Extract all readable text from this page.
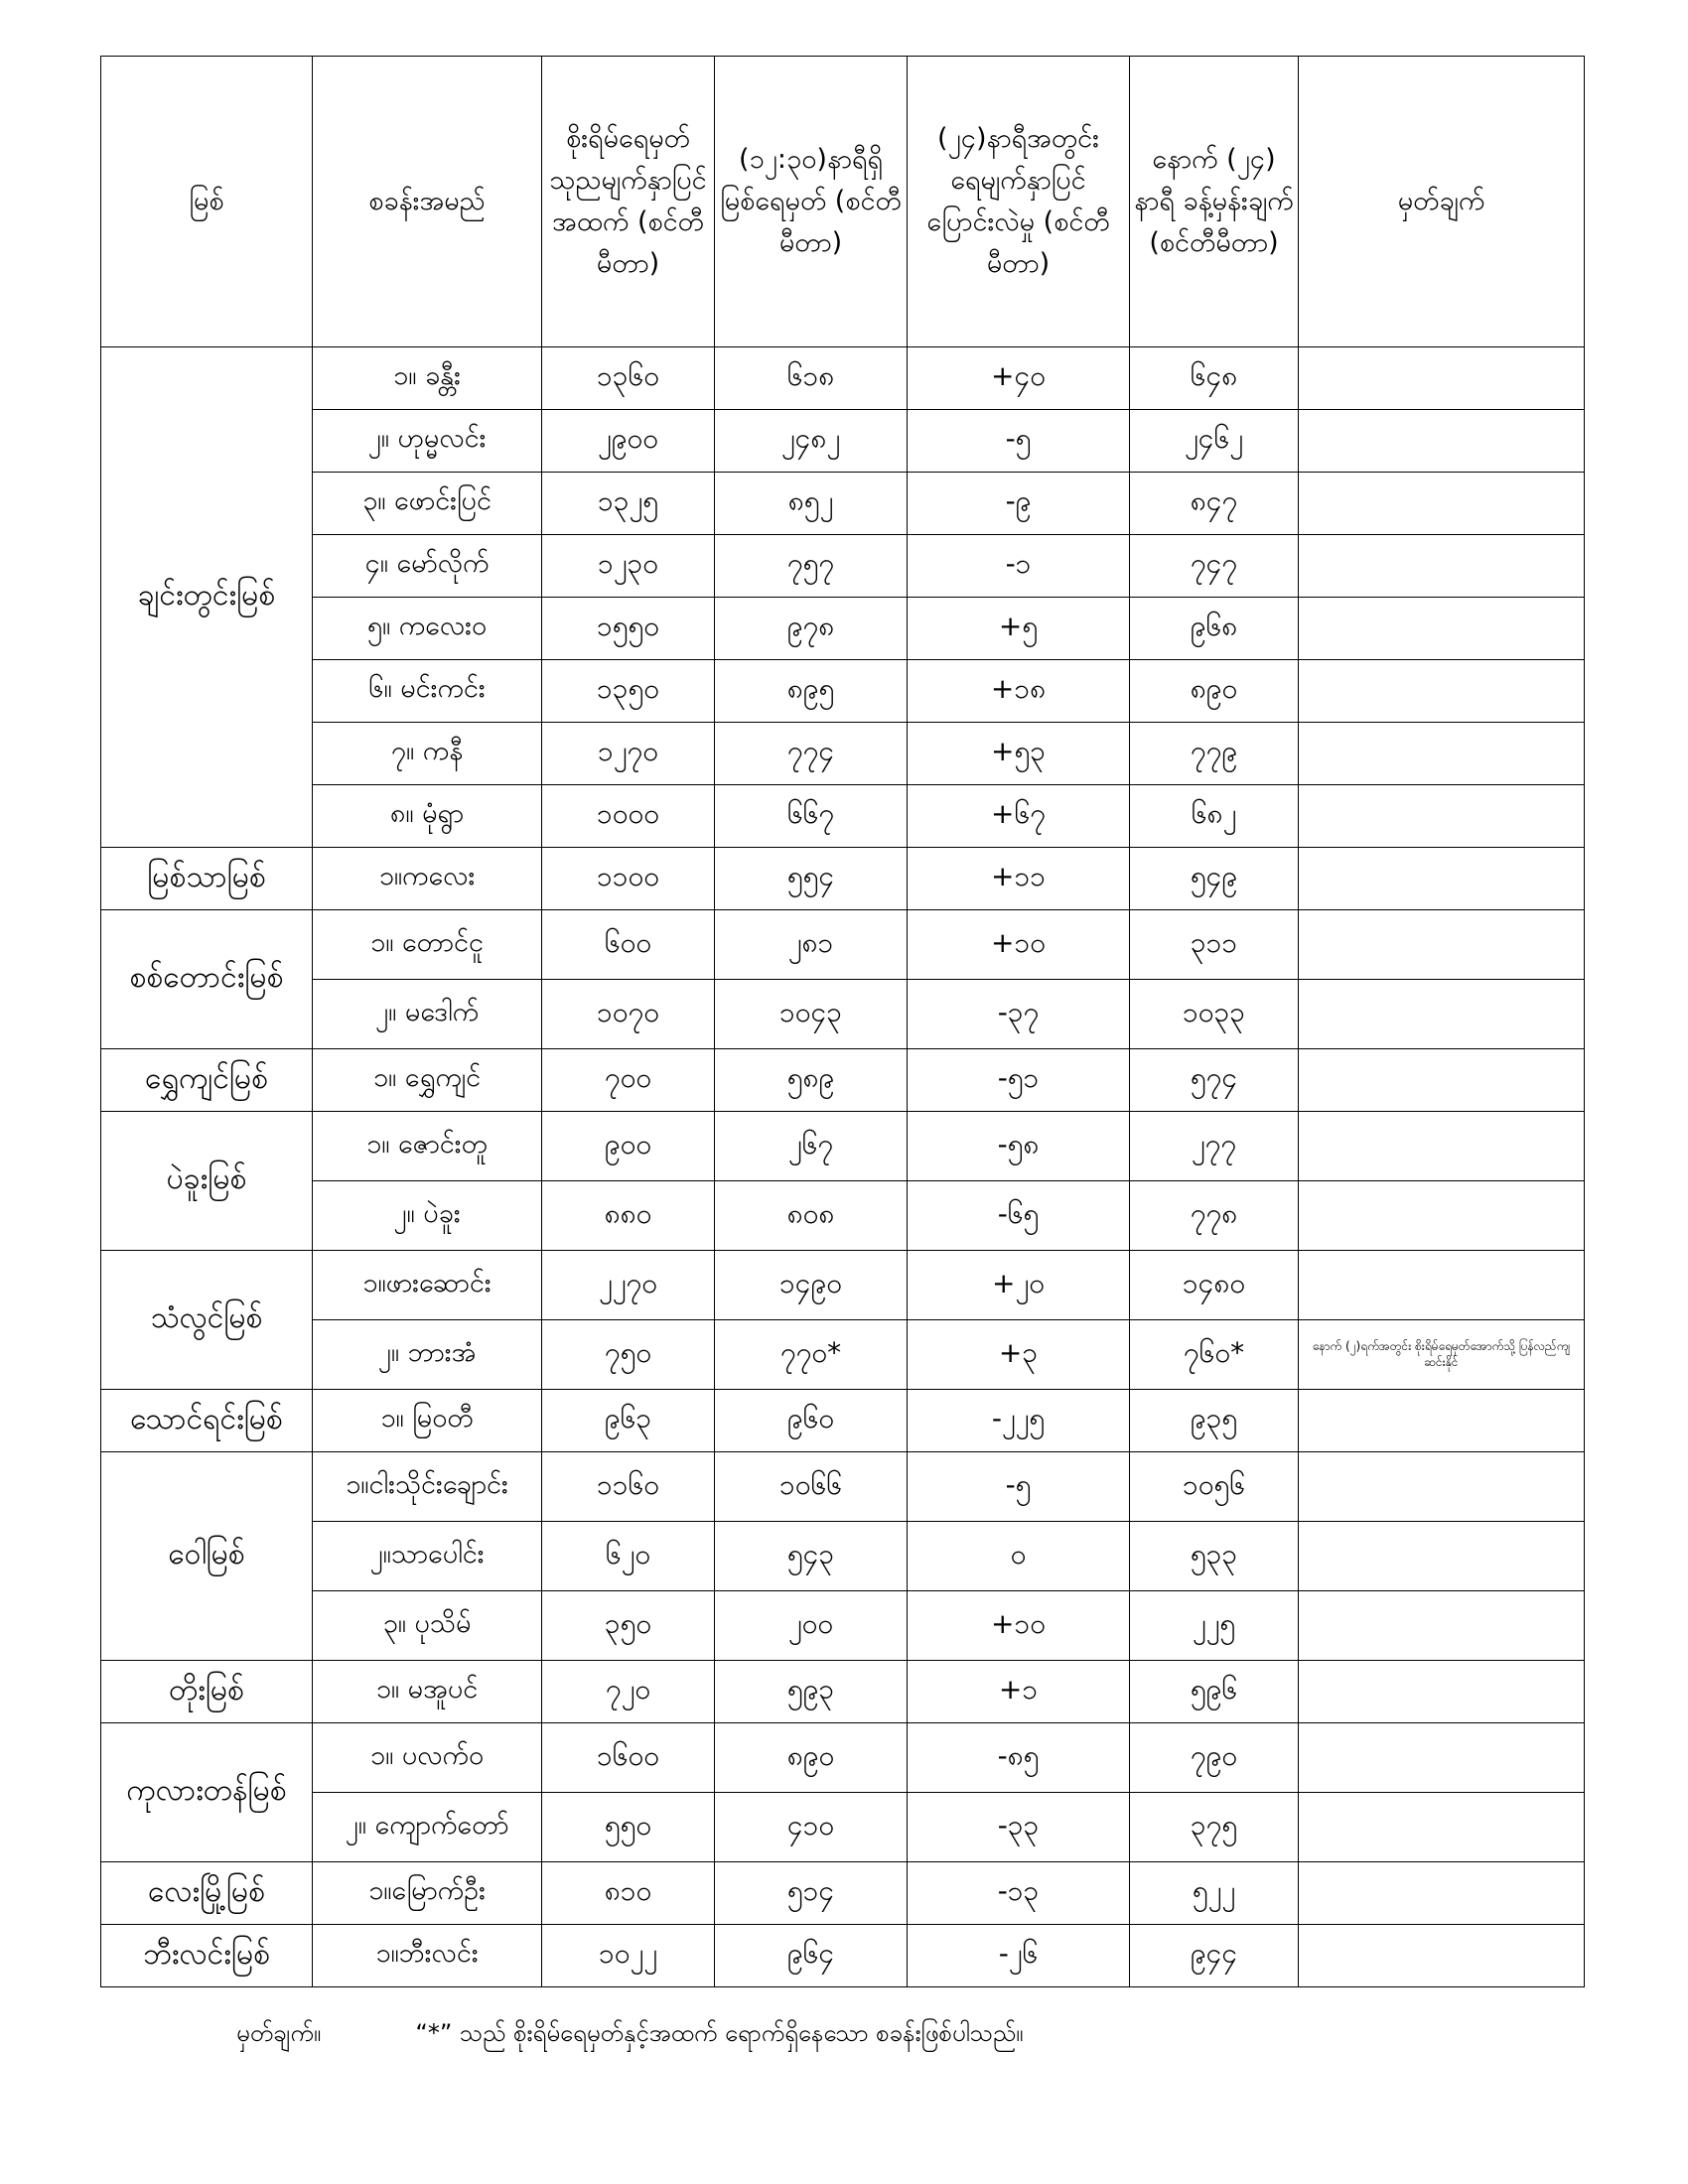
မြစ်	စခန်းအမည်	စိုးရိမ်ရေမှတ် သုညမျက်နှာပြင် အထက် (စင်တီမီတာ)	(၁၂:၃၀)နာရီရှိ မြစ်ရေမှတ် (စင်တီမီတာ)	(၂၄)နာရီအတွင်း ရေမျက်နှာပြင် ပြောင်းလဲမှု (စင်တီမီတာ)	နောက် (၂၄) နာရီ ခန့်မှန်းချက် (စင်တီမီတာ)	မှတ်ချက်
ချင်းတွင်းမြစ်	၁။ ခန္တီး	၁၃၆၀	၆၁၈	+၄၀	၆၄၈	
	၂။ ဟုမ္မလင်း	၂၉၀၀	၂၄၈၂	-၅	၂၄၆၂	
	၃။ ဖောင်းပြင်	၁၃၂၅	၈၅၂	-၉	၈၄၇	
	၄။ မော်လိုက်	၁၂၃၀	၇၅၇	-၁	၇၄၇	
	၅။ ကလေးဝ	၁၅၅၀	၉၇၈	+၅	၉၆၈	
	၆။ မင်းကင်း	၁၃၅၀	၈၉၅	+၁၈	၈၉၀	
	၇။ ကနီ	၁၂၇၀	၇၇၄	+၅၃	၇၇၉	
	၈။ မုံရွာ	၁၀၀၀	၆၆၇	+၆၇	၆၈၂	
မြစ်သာမြစ်	၁။ကလေး	၁၁၀၀	၅၅၄	+၁၁	၅၄၉	
စစ်တောင်းမြစ်	၁။ တောင်ငူ	၆၀၀	၂၈၁	+၁၀	၃၁၁	
	၂။ မဒေါက်	၁၀၇၀	၁၀၄၃	-၃၇	၁၀၃၃	
ရွှေကျင်မြစ်	၁။ ရွှေကျင်	၇၀၀	၅၈၉	-၅၁	၅၇၄	
ပဲခူးမြစ်	၁။ ဇောင်းတူ	၉၀၀	၂၆၇	-၅၈	၂၇၇	
	၂။ ပဲခူး	၈၈၀	၈၀၈	-၆၅	၇၇၈	
သံလွင်မြစ်	၁။ဖားဆောင်း	၂၂၇၀	၁၄၉၀	+၂၀	၁၄၈၀	
	၂။ ဘားအံ	၇၅၀	၇၇၀*	+၃	၇၆၀*	နောက် (၂)ရက်အတွင်း စိုးရိမ်ရေမှတ်အောက်သို့ ပြန်လည်ကျဆင်းနိုင်
သောင်ရင်းမြစ်	၁။ မြဝတီ	၉၆၃	၉၆၀	-၂၂၅	၉၃၅	
ဝေါမြစ်	၁။ငါးသိုင်းချောင်း	၁၁၆၀	၁၀၆၆	-၅	၁၀၅၆	
	၂။သာပေါင်း	၆၂၀	၅၄၃	၀	၅၃၃	
	၃။ ပုသိမ်	၃၅၀	၂၀၀	+၁၀	၂၂၅	
တိုးမြစ်	၁။ မအူပင်	၇၂၀	၅၉၃	+၁	၅၉၆	
ကုလားတန်မြစ်	၁။ ပလက်ဝ	၁၆၀၀	၈၉၀	-၈၅	၇၉၀	
	၂။ ကျောက်တော်	၅၅၀	၄၁၀	-၃၃	၃၇၅	
လေးမြို့မြစ်	၁။မြောက်ဦး	၈၁၀	၅၁၄	-၁၃	၅၂၂	
ဘီးလင်းမြစ်	၁။ဘီးလင်း	၁၀၂၂	၉၆၄	-၂၆	၉၄၄	
မှတ်ချက်။	“*” သည် စိုးရိမ်ရေမှတ်နှင့်အထက် ရောက်ရှိနေသော စခန်းဖြစ်ပါသည်။
